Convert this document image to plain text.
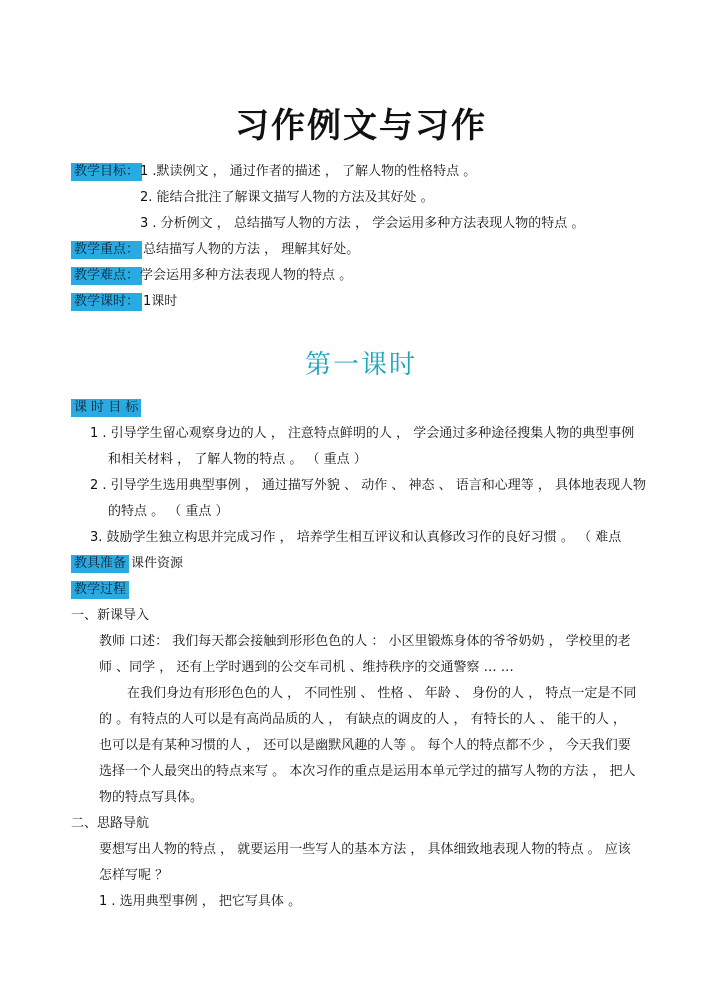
习作例文与习作
教学目标： 1 .默读例文 ， 通过作者的描述 ， 了解人物的性格特点 。
2. 能结合批注了解课文描写人物的方法及其好处 。
3 . 分析例文 ， 总结描写人物的方法 ， 学会运用多种方法表现人物的特点 。
教学重点： 总结描写人物的方法 ， 理解其好处。
教学难点： 学会运用多种方法表现人物的特点 。
教学课时： 1课时
第一课时
课 时 目 标
1 . 引导学生留心观察身边的人 ， 注意特点鲜明的人 ， 学会通过多种途径搜集人物的典型事例
和相关材料 ， 了解人物的特点 。 （ 重点 ）
2 . 引导学生选用典型事例 ， 通过描写外貌 、 动作 、 神态 、 语言和心理等 ， 具体地表现人物
的特点 。 （ 重点 ）
3. 鼓励学生独立构思并完成习作 ， 培养学生相互评议和认真修改习作的良好习惯 。 （ 难点
教具准备 课件资源
教学过程
一、新课导入
教师 口述： 我们每天都会接触到形形色色的人 ： 小区里锻炼身体的爷爷奶奶 ， 学校里的老
师 、同学 ， 还有上学时遇到的公交车司机 、维持秩序的交通警察 … …
在我们身边有形形色色的人 ， 不同性别 、 性格 、 年龄 、 身份的人 ， 特点一定是不同
的 。有特点的人可以是有高尚品质的人 ， 有缺点的调皮的人 ， 有特长的人 、 能干的人 ，
也可以是有某种习惯的人 ， 还可以是幽默风趣的人等 。 每个人的特点都不少 ， 今天我们要
选择一个人最突出的特点来写 。 本次习作的重点是运用本单元学过的描写人物的方法 ， 把人
物的特点写具体。
二、思路导航
要想写出人物的特点 ， 就要运用一些写人的基本方法 ， 具体细致地表现人物的特点 。 应该
怎样写呢 ？
1 . 选用典型事例 ， 把它写具体 。
